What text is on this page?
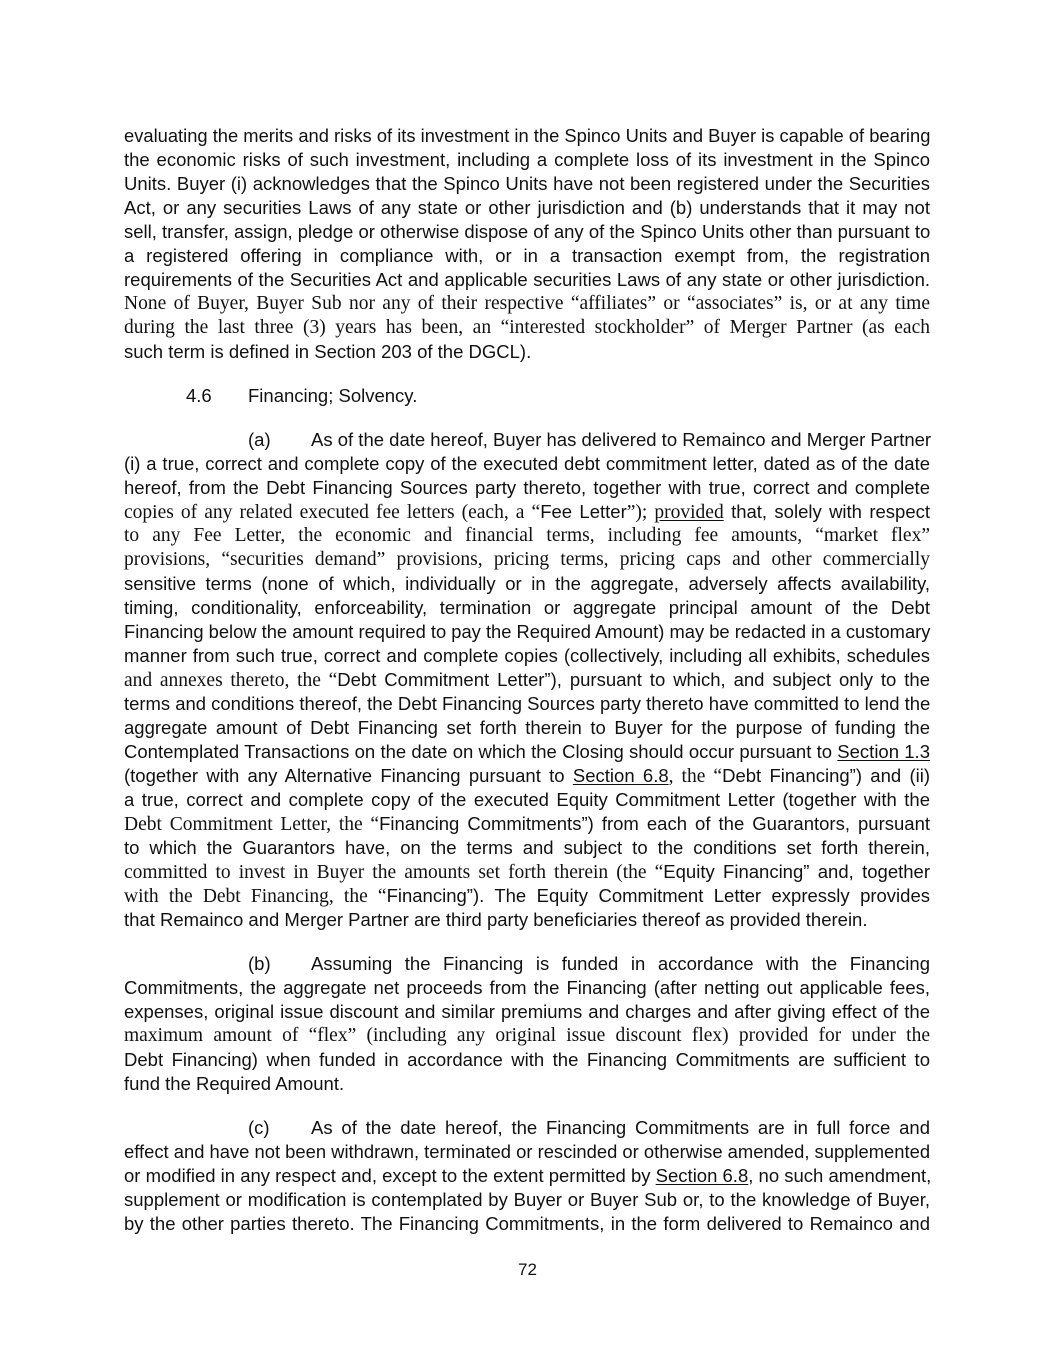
evaluating the merits and risks of its investment in the Spinco Units and Buyer is capable of bearing
the economic risks of such investment, including a complete loss of its investment in the Spinco
Units. Buyer (i) acknowledges that the Spinco Units have not been registered under the Securities
Act, or any securities Laws of any state or other jurisdiction and (b) understands that it may not
sell, transfer, assign, pledge or otherwise dispose of any of the Spinco Units other than pursuant to
a registered offering in compliance with, or in a transaction exempt from, the registration
requirements of the Securities Act and applicable securities Laws of any state or other jurisdiction.
None of Buyer, Buyer Sub nor any of their respective “affiliates” or “associates” is, or at any time
during the last three (3) years has been, an “interested stockholder” of Merger Partner (as each
such term is defined in Section 203 of the DGCL).
4.6 Financing; Solvency.
(a) As of the date hereof, Buyer has delivered to Remainco and Merger Partner
(i) a true, correct and complete copy of the executed debt commitment letter, dated as of the date
hereof, from the Debt Financing Sources party thereto, together with true, correct and complete
copies of any related executed fee letters (each, a “Fee Letter”); provided that, solely with respect
to any Fee Letter, the economic and financial terms, including fee amounts, “market flex”
provisions, “securities demand” provisions, pricing terms, pricing caps and other commercially
sensitive terms (none of which, individually or in the aggregate, adversely affects availability,
timing, conditionality, enforceability, termination or aggregate principal amount of the Debt
Financing below the amount required to pay the Required Amount) may be redacted in a customary
manner from such true, correct and complete copies (collectively, including all exhibits, schedules
and annexes thereto, the “Debt Commitment Letter”), pursuant to which, and subject only to the
terms and conditions thereof, the Debt Financing Sources party thereto have committed to lend the
aggregate amount of Debt Financing set forth therein to Buyer for the purpose of funding the
Contemplated Transactions on the date on which the Closing should occur pursuant to Section 1.3
(together with any Alternative Financing pursuant to Section 6.8, the “Debt Financing”) and (ii)
a true, correct and complete copy of the executed Equity Commitment Letter (together with the
Debt Commitment Letter, the “Financing Commitments”) from each of the Guarantors, pursuant
to which the Guarantors have, on the terms and subject to the conditions set forth therein,
committed to invest in Buyer the amounts set forth therein (the “Equity Financing” and, together
with the Debt Financing, the “Financing”). The Equity Commitment Letter expressly provides
that Remainco and Merger Partner are third party beneficiaries thereof as provided therein.
(b) Assuming the Financing is funded in accordance with the Financing
Commitments, the aggregate net proceeds from the Financing (after netting out applicable fees,
expenses, original issue discount and similar premiums and charges and after giving effect of the
maximum amount of “flex” (including any original issue discount flex) provided for under the
Debt Financing) when funded in accordance with the Financing Commitments are sufficient to
fund the Required Amount.
(c) As of the date hereof, the Financing Commitments are in full force and
effect and have not been withdrawn, terminated or rescinded or otherwise amended, supplemented
or modified in any respect and, except to the extent permitted by Section 6.8, no such amendment,
supplement or modification is contemplated by Buyer or Buyer Sub or, to the knowledge of Buyer,
by the other parties thereto. The Financing Commitments, in the form delivered to Remainco and
72
